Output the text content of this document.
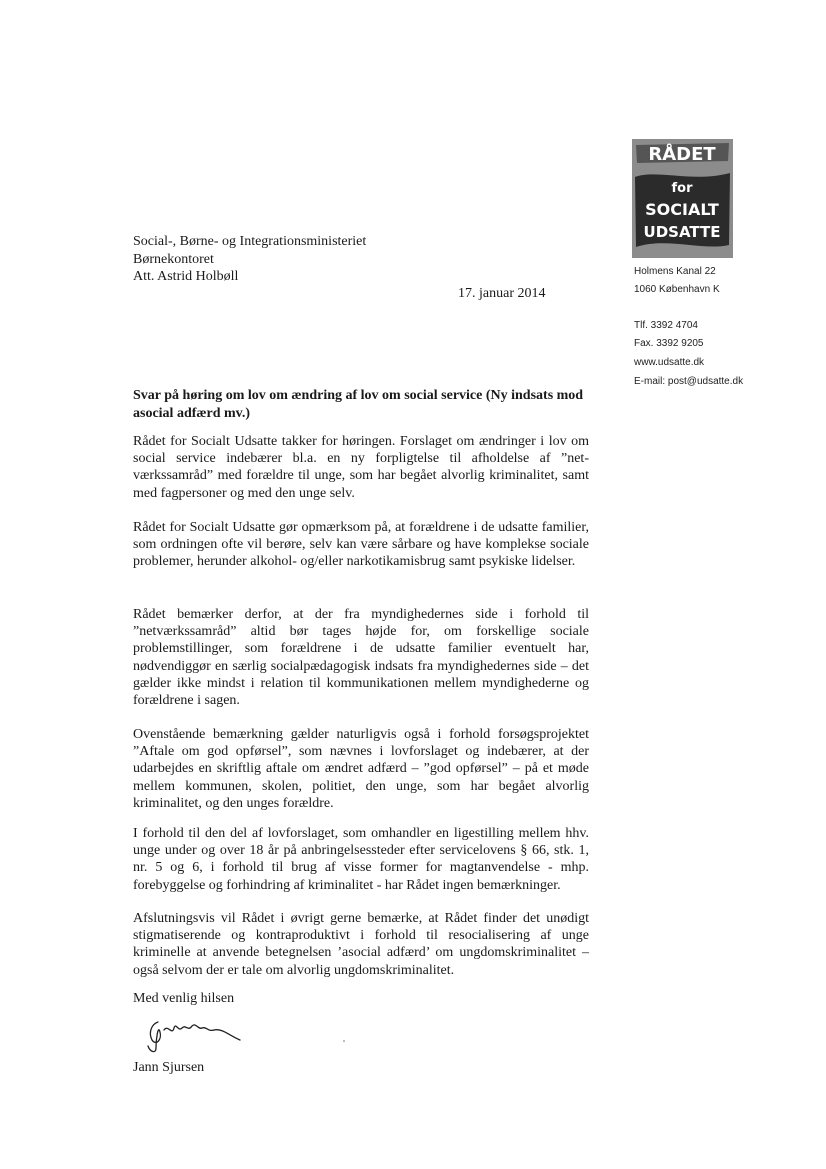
RÅDET
for
SOCIALT
UDSATTE
Holmens Kanal 22
1060 København K
Tlf. 3392 4704
Fax. 3392 9205
www.udsatte.dk
E-mail: post@udsatte.dk
Social-, Børne- og Integrationsministeriet
Børnekontoret
Att. Astrid Holbøll
17. januar 2014
Svar på høring om lov om ændring af lov om social service (Ny indsats mod asocial adfærd mv.)

Rådet for Socialt Udsatte takker for høringen. Forslaget om ændringer i lov om social service indebærer bl.a. en ny forpligtelse til afholdelse af ”net-værkssamråd” med forældre til unge, som har begået alvorlig kriminalitet, samt med fagpersoner og med den unge selv.

Rådet for Socialt Udsatte gør opmærksom på, at forældrene i de udsatte familier, som ordningen ofte vil berøre, selv kan være sårbare og have komplekse sociale problemer, herunder alkohol- og/eller narkotikamisbrug samt psykiske lidelser.

Rådet bemærker derfor, at der fra myndighedernes side i forhold til ”netværkssamråd” altid bør tages højde for, om forskellige sociale problemstillinger, som forældrene i de udsatte familier eventuelt har, nødvendiggør en særlig socialpædagogisk indsats fra myndighedernes side – det gælder ikke mindst i relation til kommunikationen mellem myndighederne og forældrene i sagen.

Ovenstående bemærkning gælder naturligvis også i forhold forsøgsprojektet ”Aftale om god opførsel”, som nævnes i lovforslaget og indebærer, at der udarbejdes en skriftlig aftale om ændret adfærd – ”god opførsel” – på et møde mellem kommunen, skolen, politiet, den unge, som har begået alvorlig kriminalitet, og den unges forældre.

I forhold til den del af lovforslaget, som omhandler en ligestilling mellem hhv. unge under og over 18 år på anbringelsessteder efter servicelovens § 66, stk. 1, nr. 5 og 6, i forhold til brug af visse former for magtanvendelse - mhp. forebyggelse og forhindring af kriminalitet - har Rådet ingen bemærkninger.

Afslutningsvis vil Rådet i øvrigt gerne bemærke, at Rådet finder det unødigt stigmatiserende og kontraproduktivt i forhold til resocialisering af unge kriminelle at anvende betegnelsen ’asocial adfærd’ om ungdomskriminalitet – også selvom der er tale om alvorlig ungdomskriminalitet.

Med venlig hilsen
Jann Sjursen
